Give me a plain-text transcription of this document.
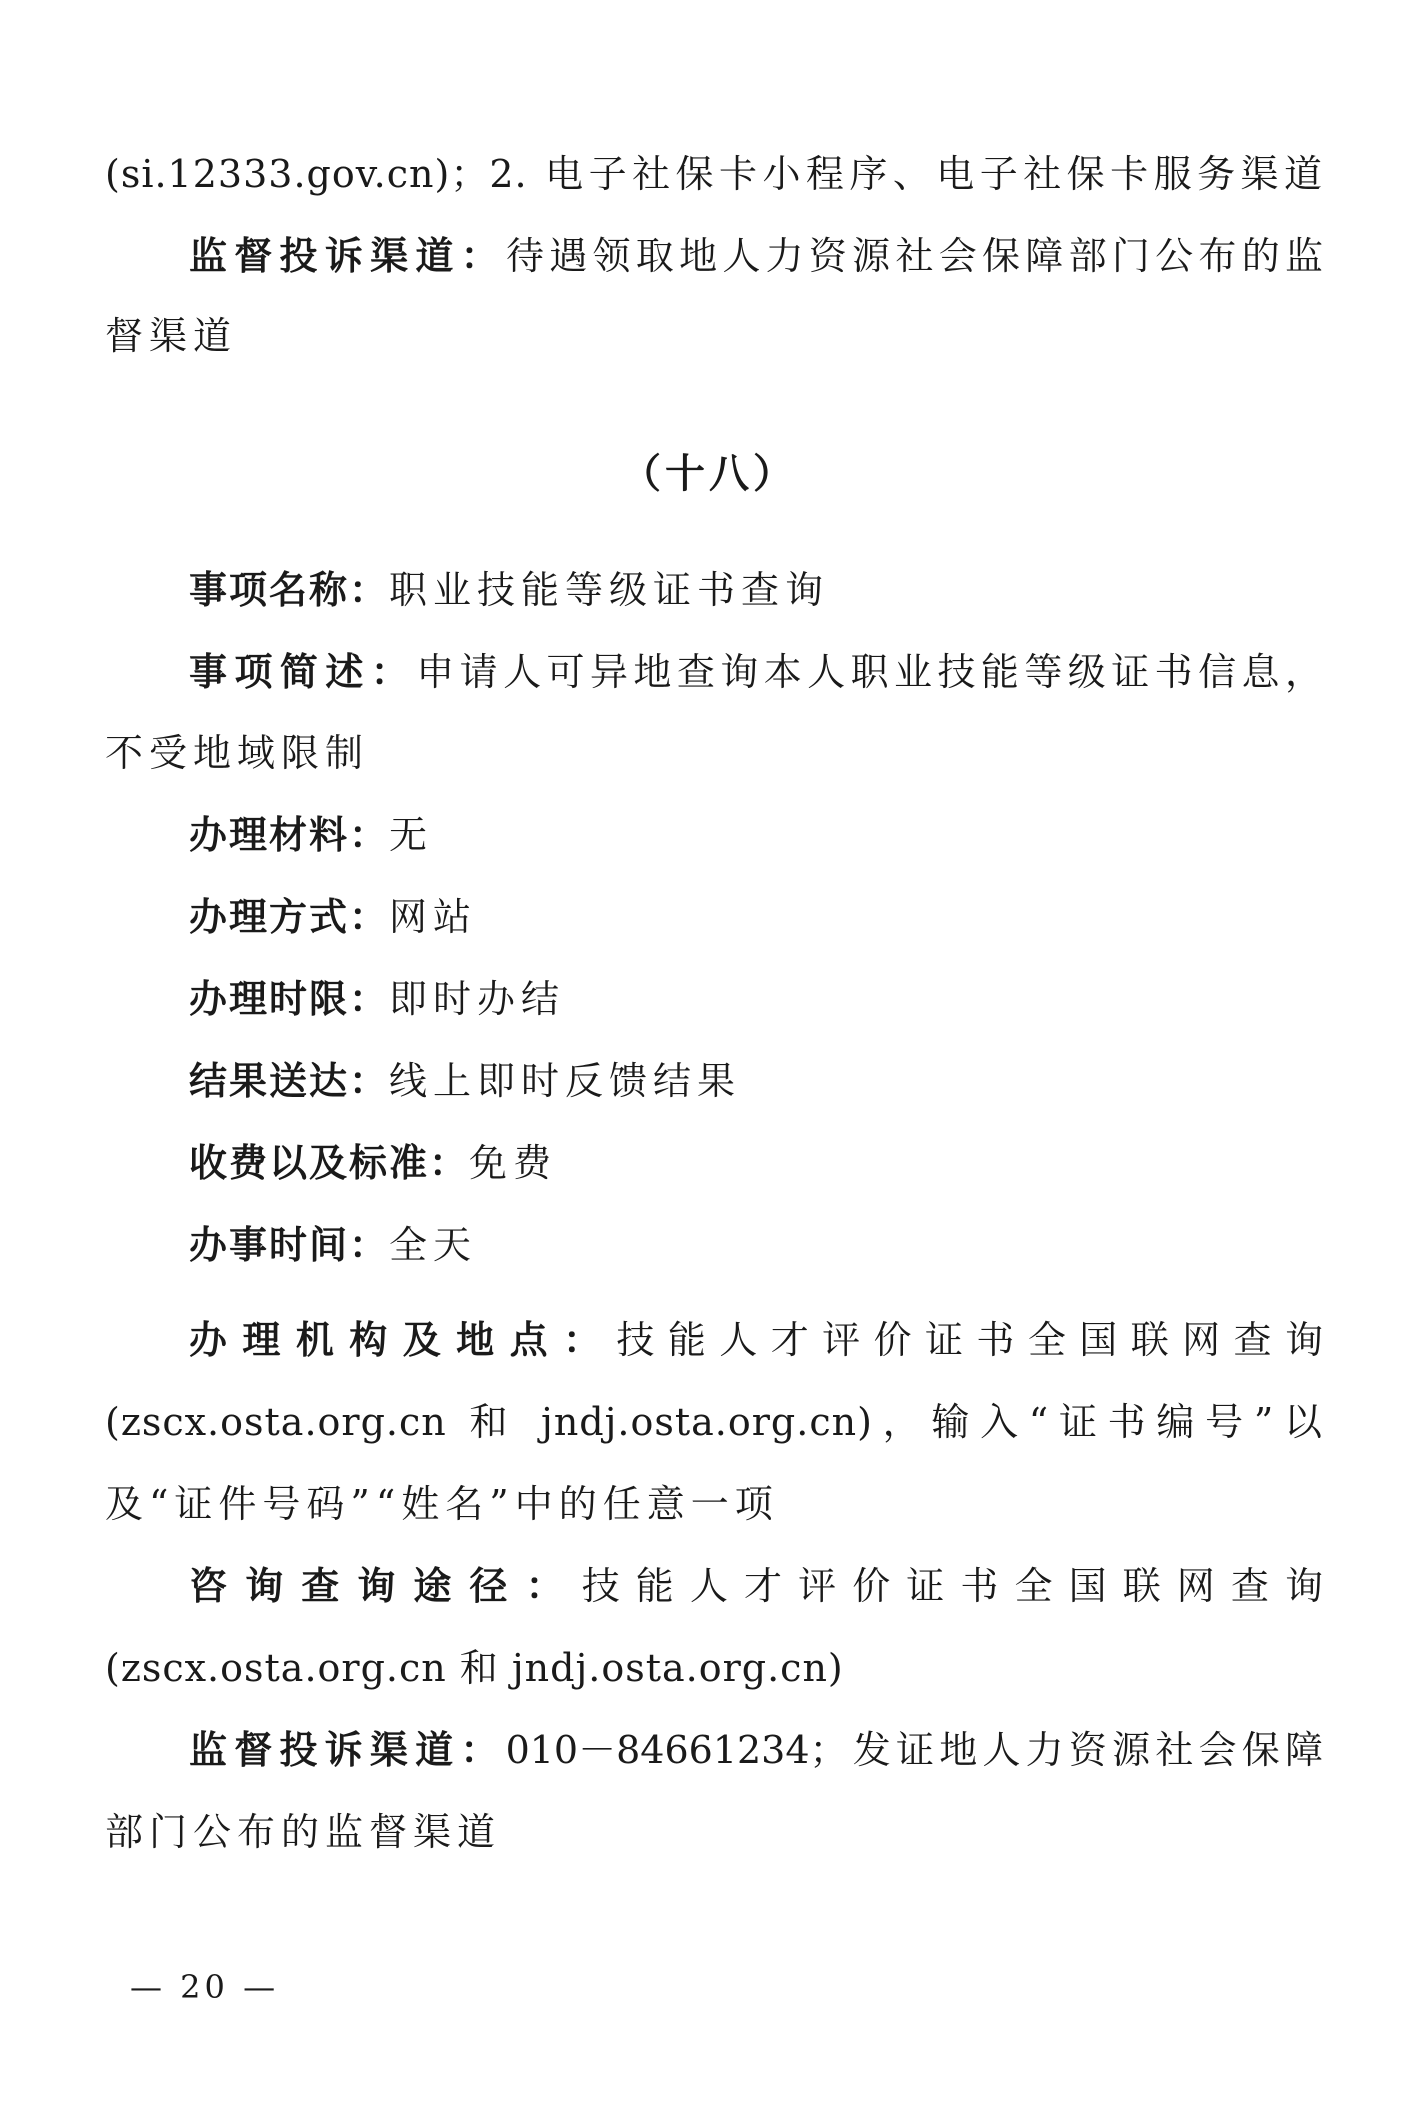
(si.12333.gov.cn)；2. 电子社保卡小程序、电子社保卡服务渠道
监督投诉渠道：待遇领取地人力资源社会保障部门公布的监
督渠道
（十八）
事项名称：职业技能等级证书查询
事项简述：申请人可异地查询本人职业技能等级证书信息，
不受地域限制
办理材料：无
办理方式：网站
办理时限：即时办结
结果送达：线上即时反馈结果
收费以及标准：免费
办事时间：全天
办理机构及地点：技能人才评价证书全国联网查询
(zscx.osta.org.cn 和 jndj.osta.org.cn)，输入“证书编号”以
及“证件号码”“姓名”中的任意一项
咨询查询途径：技能人才评价证书全国联网查询
(zscx.osta.org.cn 和 jndj.osta.org.cn)
监督投诉渠道：010－84661234；发证地人力资源社会保障
部门公布的监督渠道
— 20 —
